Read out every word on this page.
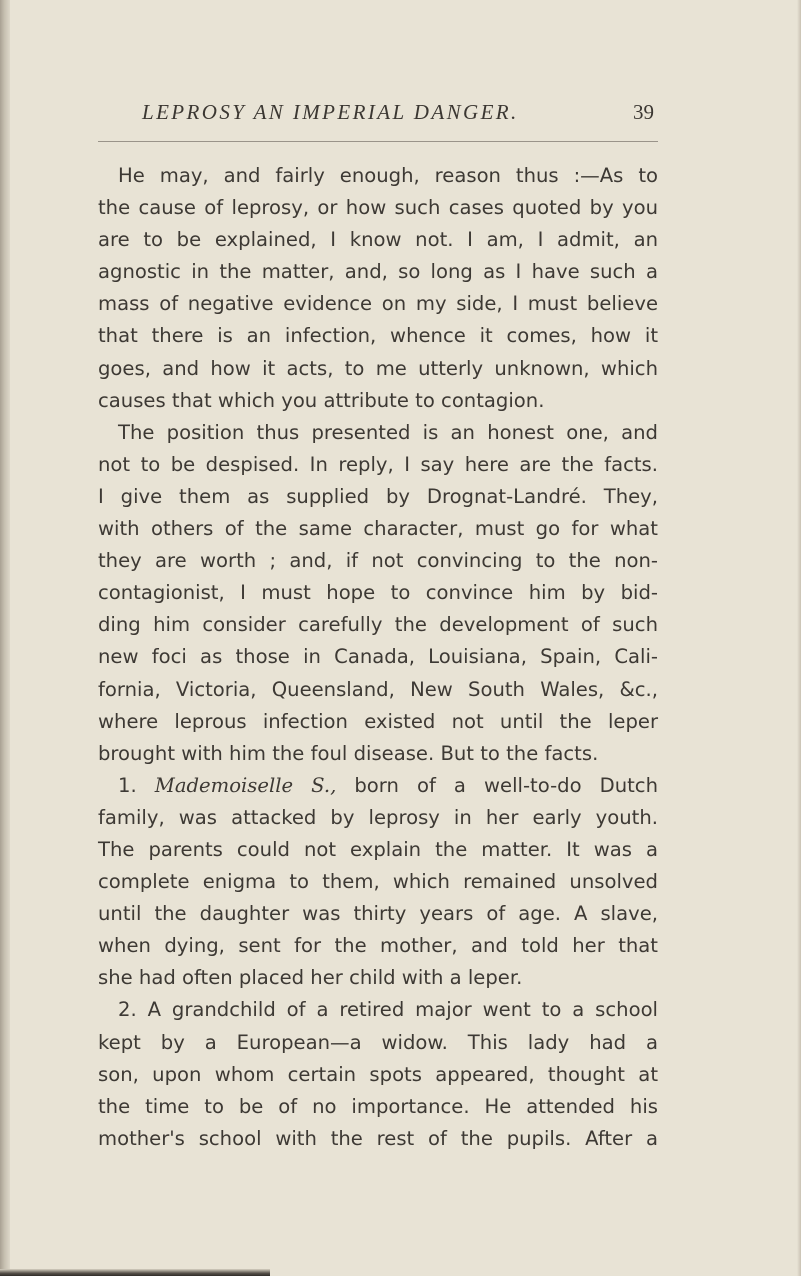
LEPROSY AN IMPERIAL DANGER.	39
He may, and fairly enough, reason thus :—As to
the cause of leprosy, or how such cases quoted by you
are to be explained, I know not. I am, I admit, an
agnostic in the matter, and, so long as I have such a
mass of negative evidence on my side, I must believe
that there is an infection, whence it comes, how it
goes, and how it acts, to me utterly unknown, which
causes that which you attribute to contagion.
The position thus presented is an honest one, and
not to be despised. In reply, I say here are the facts.
I give them as supplied by Drognat-Landré. They,
with others of the same character, must go for what
they are worth ; and, if not convincing to the non-
contagionist, I must hope to convince him by bid-
ding him consider carefully the development of such
new foci as those in Canada, Louisiana, Spain, Cali-
fornia, Victoria, Queensland, New South Wales, &c.,
where leprous infection existed not until the leper
brought with him the foul disease. But to the facts.
1. Mademoiselle S., born of a well-to-do Dutch
family, was attacked by leprosy in her early youth.
The parents could not explain the matter. It was a
complete enigma to them, which remained unsolved
until the daughter was thirty years of age. A slave,
when dying, sent for the mother, and told her that
she had often placed her child with a leper.
2. A grandchild of a retired major went to a school
kept by a European—a widow. This lady had a
son, upon whom certain spots appeared, thought at
the time to be of no importance. He attended his
mother's school with the rest of the pupils. After a
